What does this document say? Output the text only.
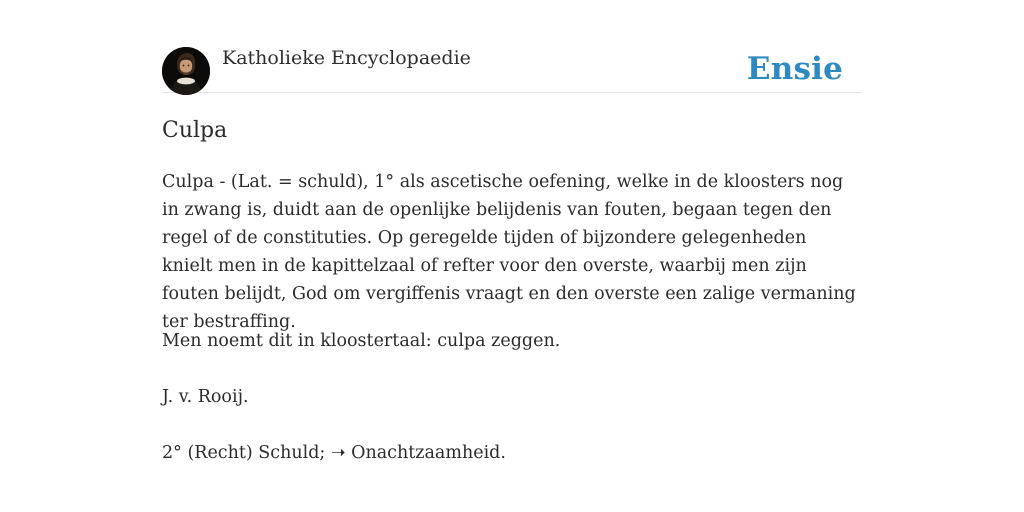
Katholieke Encyclopaedie	Ensie
Culpa

Culpa - (Lat. = schuld), 1° als ascetische oefening, welke in de kloosters nog in zwang is, duidt aan de openlijke belijdenis van fouten, begaan tegen den regel of de constituties. Op geregelde tijden of bijzondere gelegenheden knielt men in de kapittelzaal of refter voor den overste, waarbij men zijn fouten belijdt, God om vergiffenis vraagt en den overste een zalige vermaning ter bestraffing.

Men noemt dit in kloostertaal: culpa zeggen.

J. v. Rooij.

2° (Recht) Schuld; ➝ Onachtzaamheid.
